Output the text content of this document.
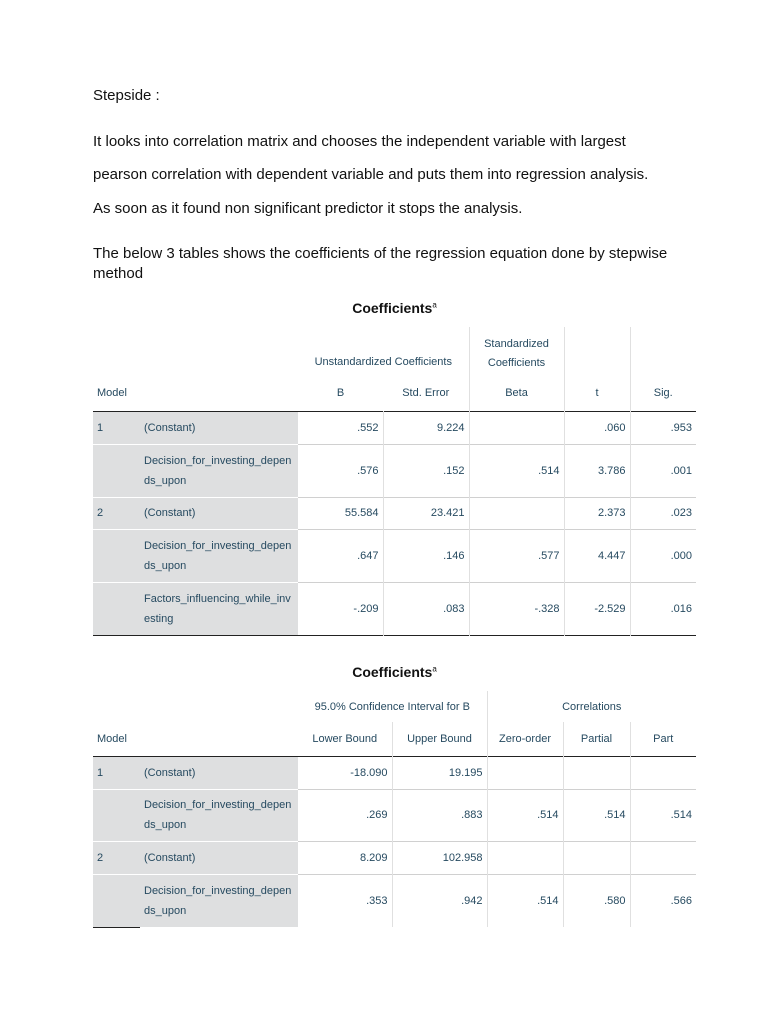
Stepside :
It looks into correlation matrix and chooses the independent variable with largest
pearson correlation with dependent variable and puts them into regression analysis.
As soon as it found non significant predictor it stops the analysis.
The below 3 tables shows the coefficients of the regression equation done by stepwise method
Coefficients$^a$
		Unstandardized Coefficients		Standardized Coefficients		
Model		B	Std. Error	Beta	t	Sig.
1	(Constant)	.552	9.224		.060	.953
	Decision_for_investing_depends_upon	.576	.152	.514	3.786	.001
2	(Constant)	55.584	23.421		2.373	.023
	Decision_for_investing_depends_upon	.647	.146	.577	4.447	.000
	Factors_influencing_while_investing	-.209	.083	-.328	-2.529	.016
Coefficients$^a$
		95.0% Confidence Interval for B		Correlations		
Model		Lower Bound	Upper Bound	Zero-order	Partial	Part
1	(Constant)	-18.090	19.195			
	Decision_for_investing_depends_upon	.269	.883	.514	.514	.514
2	(Constant)	8.209	102.958			
	Decision_for_investing_depends_upon	.353	.942	.514	.580	.566
